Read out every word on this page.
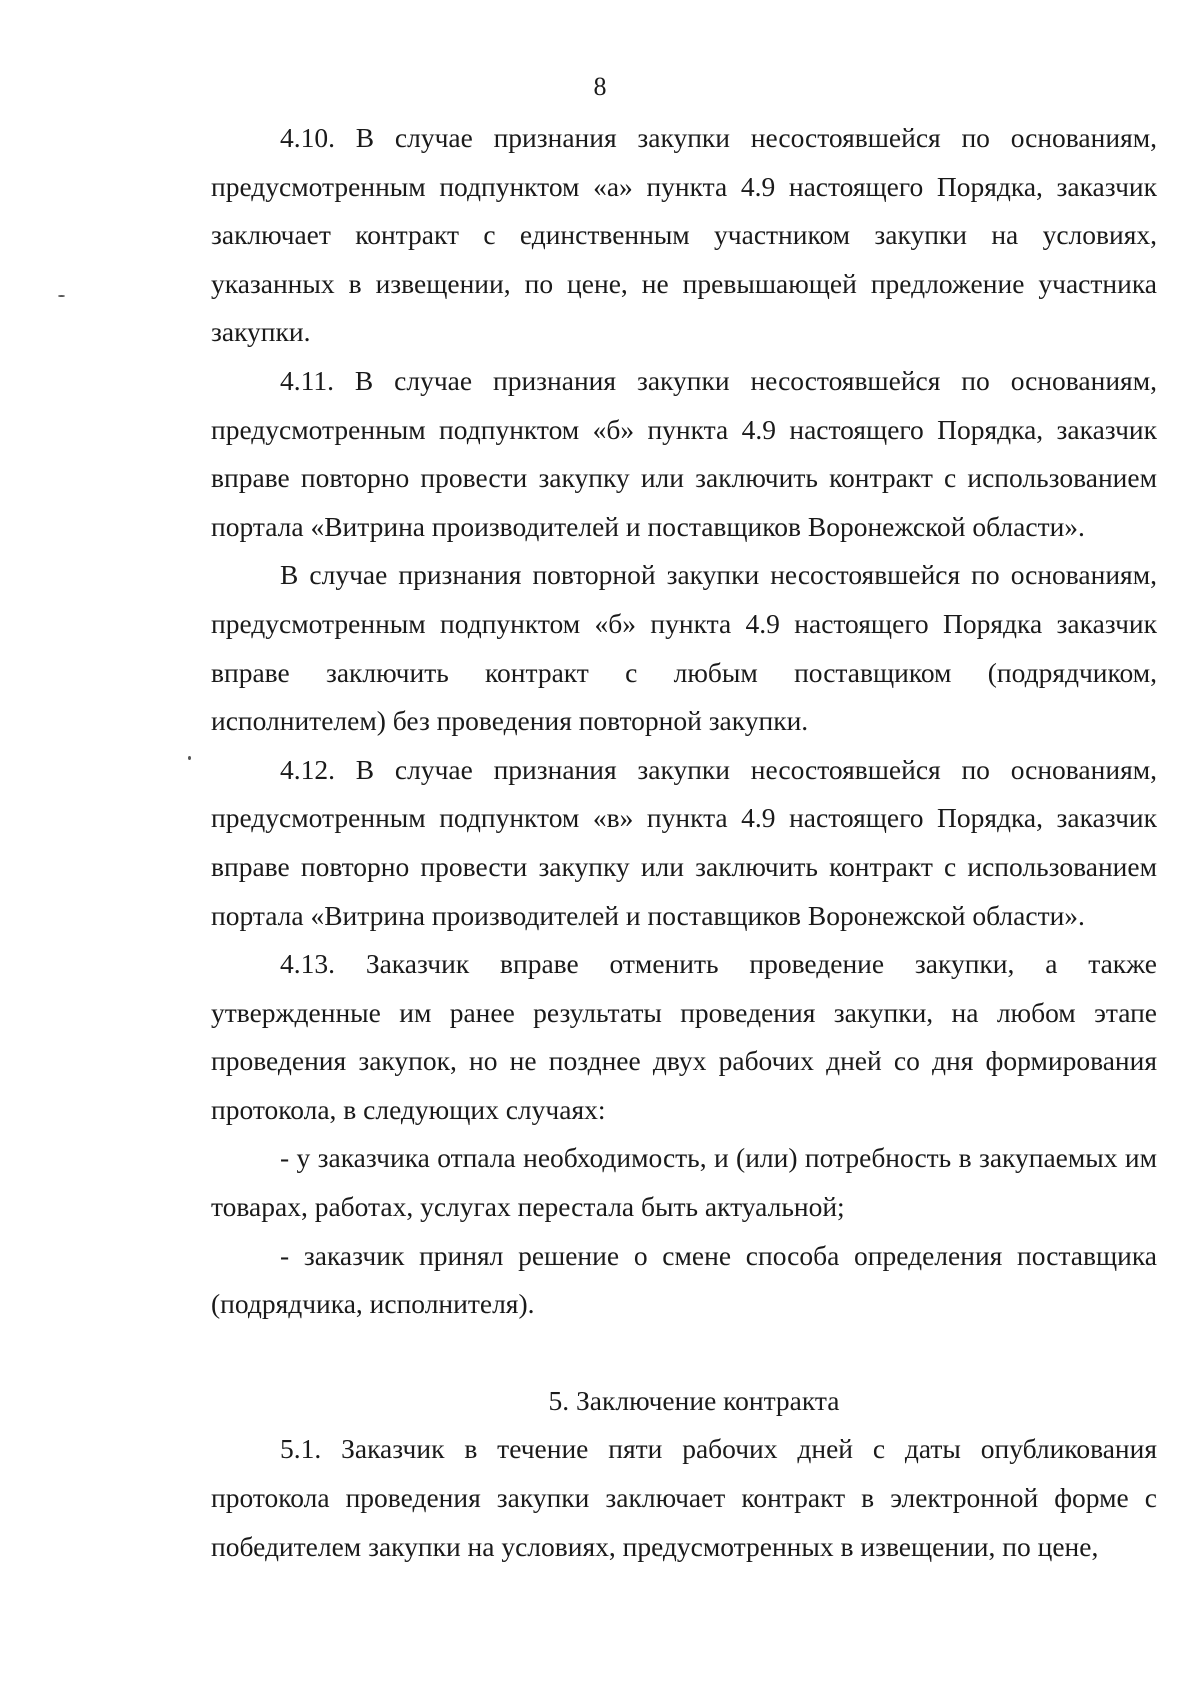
8

4.10. В случае признания закупки несостоявшейся по основаниям, предусмотренным подпунктом «а» пункта 4.9 настоящего Порядка, заказчик заключает контракт с единственным участником закупки на условиях, указанных в извещении, по цене, не превышающей предложение участника закупки.

4.11. В случае признания закупки несостоявшейся по основаниям, предусмотренным подпунктом «б» пункта 4.9 настоящего Порядка, заказчик вправе повторно провести закупку или заключить контракт с использованием портала «Витрина производителей и поставщиков Воронежской области».

В случае признания повторной закупки несостоявшейся по основаниям, предусмотренным подпунктом «б» пункта 4.9 настоящего Порядка заказчик вправе заключить контракт с любым поставщиком (подрядчиком, исполнителем) без проведения повторной закупки.

4.12. В случае признания закупки несостоявшейся по основаниям, предусмотренным подпунктом «в» пункта 4.9 настоящего Порядка, заказчик вправе повторно провести закупку или заключить контракт с использованием портала «Витрина производителей и поставщиков Воронежской области».

4.13. Заказчик вправе отменить проведение закупки, а также утвержденные им ранее результаты проведения закупки, на любом этапе проведения закупок, но не позднее двух рабочих дней со дня формирования протокола, в следующих случаях:

- у заказчика отпала необходимость, и (или) потребность в закупаемых им товарах, работах, услугах перестала быть актуальной;

- заказчик принял решение о смене способа определения поставщика (подрядчика, исполнителя).

5. Заключение контракта

5.1. Заказчик в течение пяти рабочих дней с даты опубликования протокола проведения закупки заключает контракт в электронной форме с победителем закупки на условиях, предусмотренных в извещении, по цене,
